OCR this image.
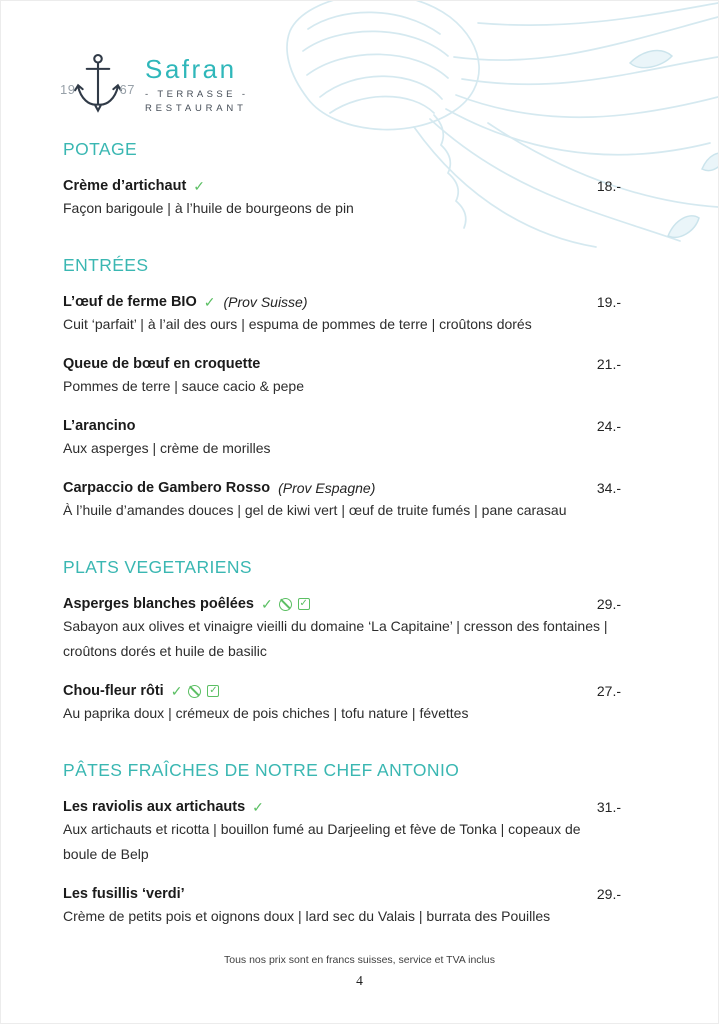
19	67
Safran
- TERRASSE -
RESTAURANT
POTAGE
Crème d’artichaut ✓	18.-

Façon barigoule | à l’huile de bourgeons de pin

ENTRÉES
L’œuf de ferme BIO ✓ (Prov Suisse)	19.-

Cuit ‘parfait’ | à l’ail des ours | espuma de pommes de terre | croûtons dorés

Queue de bœuf en croquette	21.-

Pommes de terre | sauce cacio & pepe

L’arancino	24.-

Aux asperges | crème de morilles

Carpaccio de Gambero Rosso (Prov Espagne)	34.-

À l’huile d’amandes douces | gel de kiwi vert | œuf de truite fumés | pane carasau

PLATS VEGETARIENS
Asperges blanches poêlées ✓	✓	29.-

Sabayon aux olives et vinaigre vieilli du domaine ‘La Capitaine’ | cresson des fontaines |

croûtons dorés et huile de basilic

Chou-fleur rôti ✓	✓	27.-

Au paprika doux | crémeux de pois chiches | tofu nature | févettes

PÂTES FRAÎCHES DE NOTRE CHEF ANTONIO
Les raviolis aux artichauts ✓	31.-

Aux artichauts et ricotta | bouillon fumé au Darjeeling et fève de Tonka | copeaux de

boule de Belp

Les fusillis ‘verdi’	29.-

Crème de petits pois et oignons doux | lard sec du Valais | burrata des Pouilles

Tous nos prix sont en francs suisses, service et TVA inclus
4
